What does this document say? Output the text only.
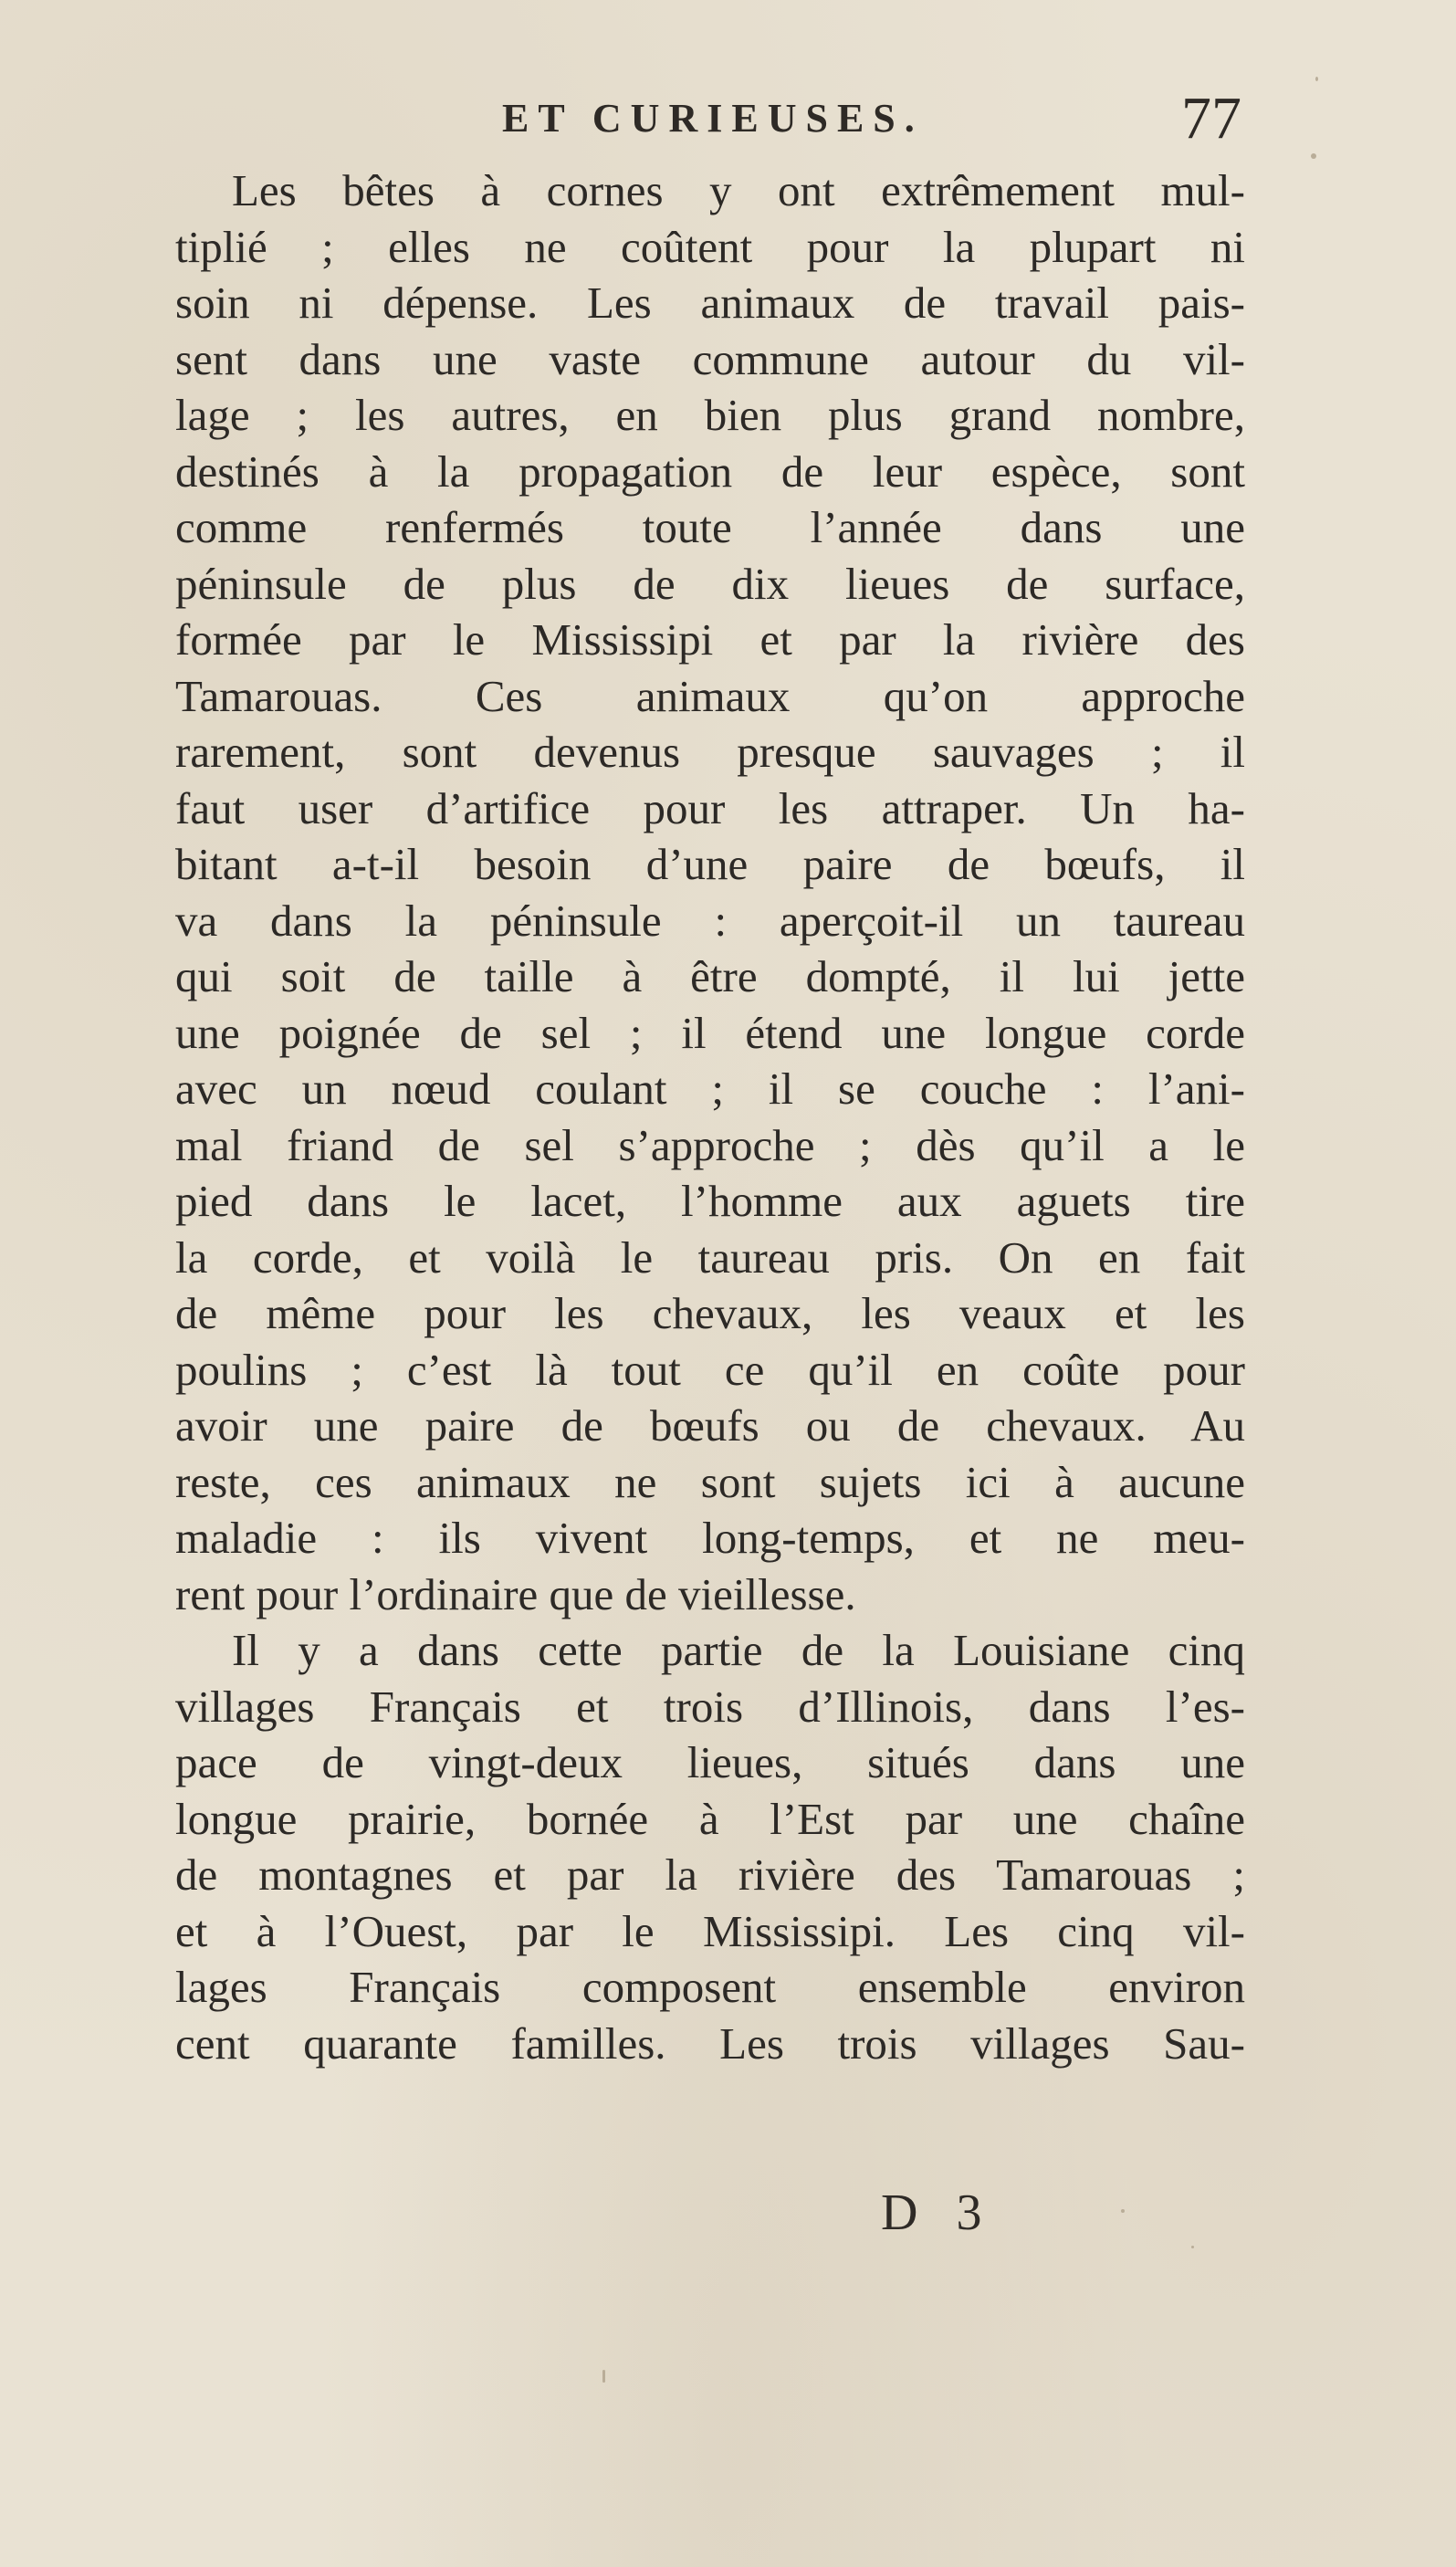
ET CURIEUSES.	77
Les bêtes à cornes y ont extrêmement mul-
tiplié ; elles ne coûtent pour la plupart ni
soin ni dépense. Les animaux de travail pais-
sent dans une vaste commune autour du vil-
lage ; les autres, en bien plus grand nombre,
destinés à la propagation de leur espèce, sont
comme renfermés toute l’année dans une
péninsule de plus de dix lieues de surface,
formée par le Mississipi et par la rivière des
Tamarouas. Ces animaux qu’on approche
rarement, sont devenus presque sauvages ; il
faut user d’artifice pour les attraper. Un ha-
bitant a-t-il besoin d’une paire de bœufs, il
va dans la péninsule : aperçoit-il un taureau
qui soit de taille à être dompté, il lui jette
une poignée de sel ; il étend une longue corde
avec un nœud coulant ; il se couche : l’ani-
mal friand de sel s’approche ; dès qu’il a le
pied dans le lacet, l’homme aux aguets tire
la corde, et voilà le taureau pris. On en fait
de même pour les chevaux, les veaux et les
poulins ; c’est là tout ce qu’il en coûte pour
avoir une paire de bœufs ou de chevaux. Au
reste, ces animaux ne sont sujets ici à aucune
maladie : ils vivent long-temps, et ne meu-
rent pour l’ordinaire que de vieillesse.
Il y a dans cette partie de la Louisiane cinq
villages Français et trois d’Illinois, dans l’es-
pace de vingt-deux lieues, situés dans une
longue prairie, bornée à l’Est par une chaîne
de montagnes et par la rivière des Tamarouas ;
et à l’Ouest, par le Mississipi. Les cinq vil-
lages Français composent ensemble environ
cent quarante familles. Les trois villages Sau-
D 3
